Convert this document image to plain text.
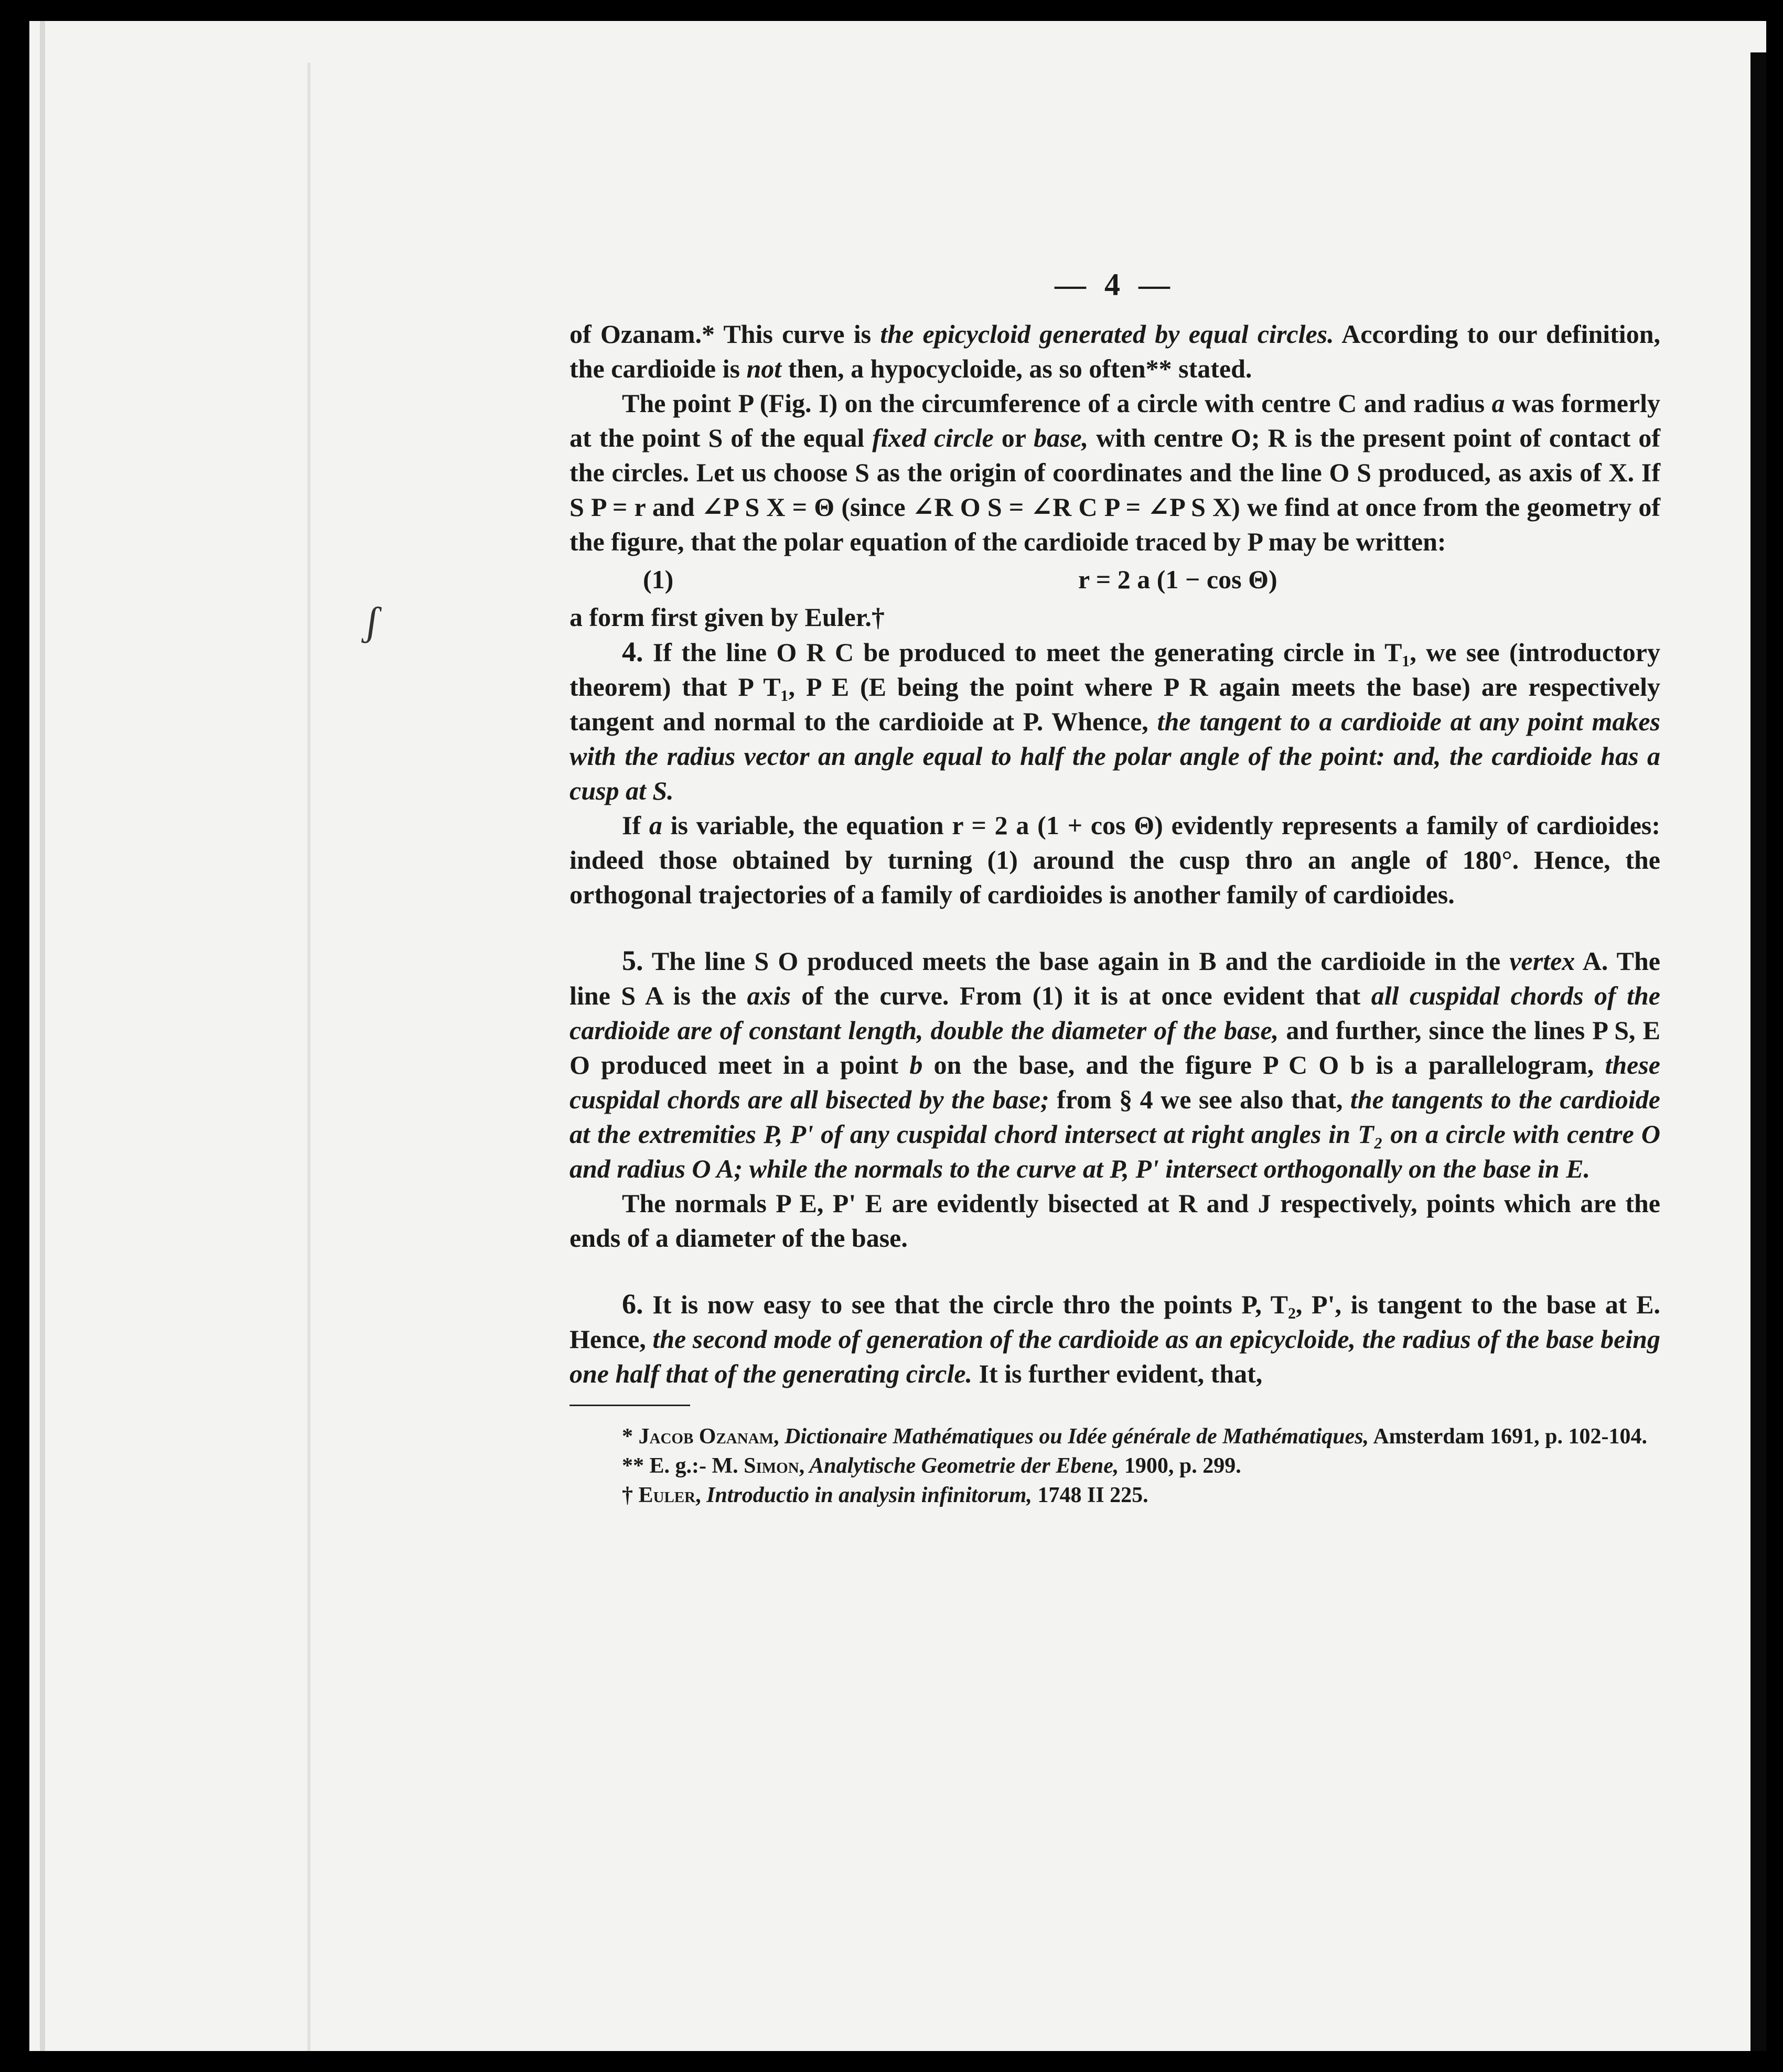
ʃ
— 4 —

of Ozanam.* This curve is the epicycloid generated by equal circles. According to our definition, the cardioide is not then, a hypocycloide, as so often** stated.

The point P (Fig. I) on the circumference of a circle with centre C and radius a was formerly at the point S of the equal fixed circle or base, with centre O; R is the present point of contact of the circles. Let us choose S as the origin of coordinates and the line O S produced, as axis of X. If S P = r and ∠P S X = Θ (since ∠R O S = ∠R C P = ∠P S X) we find at once from the geometry of the figure, that the polar equation of the cardioide traced by P may be written:

(1)	r = 2 a (1 − cos Θ)

a form first given by Euler.†

4. If the line O R C be produced to meet the generating circle in T₁, we see (introductory theorem) that P T₁, P E (E being the point where P R again meets the base) are respectively tangent and normal to the cardioide at P. Whence, the tangent to a cardioide at any point makes with the radius vector an angle equal to half the polar angle of the point: and, the cardioide has a cusp at S.

If a is variable, the equation r = 2 a (1 + cos Θ) evidently represents a family of cardioides: indeed those obtained by turning (1) around the cusp thro an angle of 180°. Hence, the orthogonal trajectories of a family of cardioides is another family of cardioides.

5. The line S O produced meets the base again in B and the cardioide in the vertex A. The line S A is the axis of the curve. From (1) it is at once evident that all cuspidal chords of the cardioide are of constant length, double the diameter of the base, and further, since the lines P S, E O produced meet in a point b on the base, and the figure P C O b is a parallelogram, these cuspidal chords are all bisected by the base; from § 4 we see also that, the tangents to the cardioide at the extremities P, P' of any cuspidal chord intersect at right angles in T₂ on a circle with centre O and radius O A; while the normals to the curve at P, P' intersect orthogonally on the base in E.

The normals P E, P' E are evidently bisected at R and J respectively, points which are the ends of a diameter of the base.

6. It is now easy to see that the circle thro the points P, T₂, P', is tangent to the base at E. Hence, the second mode of generation of the cardioide as an epicycloide, the radius of the base being one half that of the generating circle. It is further evident, that,

* Jacob Ozanam, Dictionaire Mathématiques ou Idée générale de Mathématiques, Amsterdam 1691, p. 102-104.

** E. g.:- M. Simon, Analytische Geometrie der Ebene, 1900, p. 299.

† Euler, Introductio in analysin infinitorum, 1748 II 225.
